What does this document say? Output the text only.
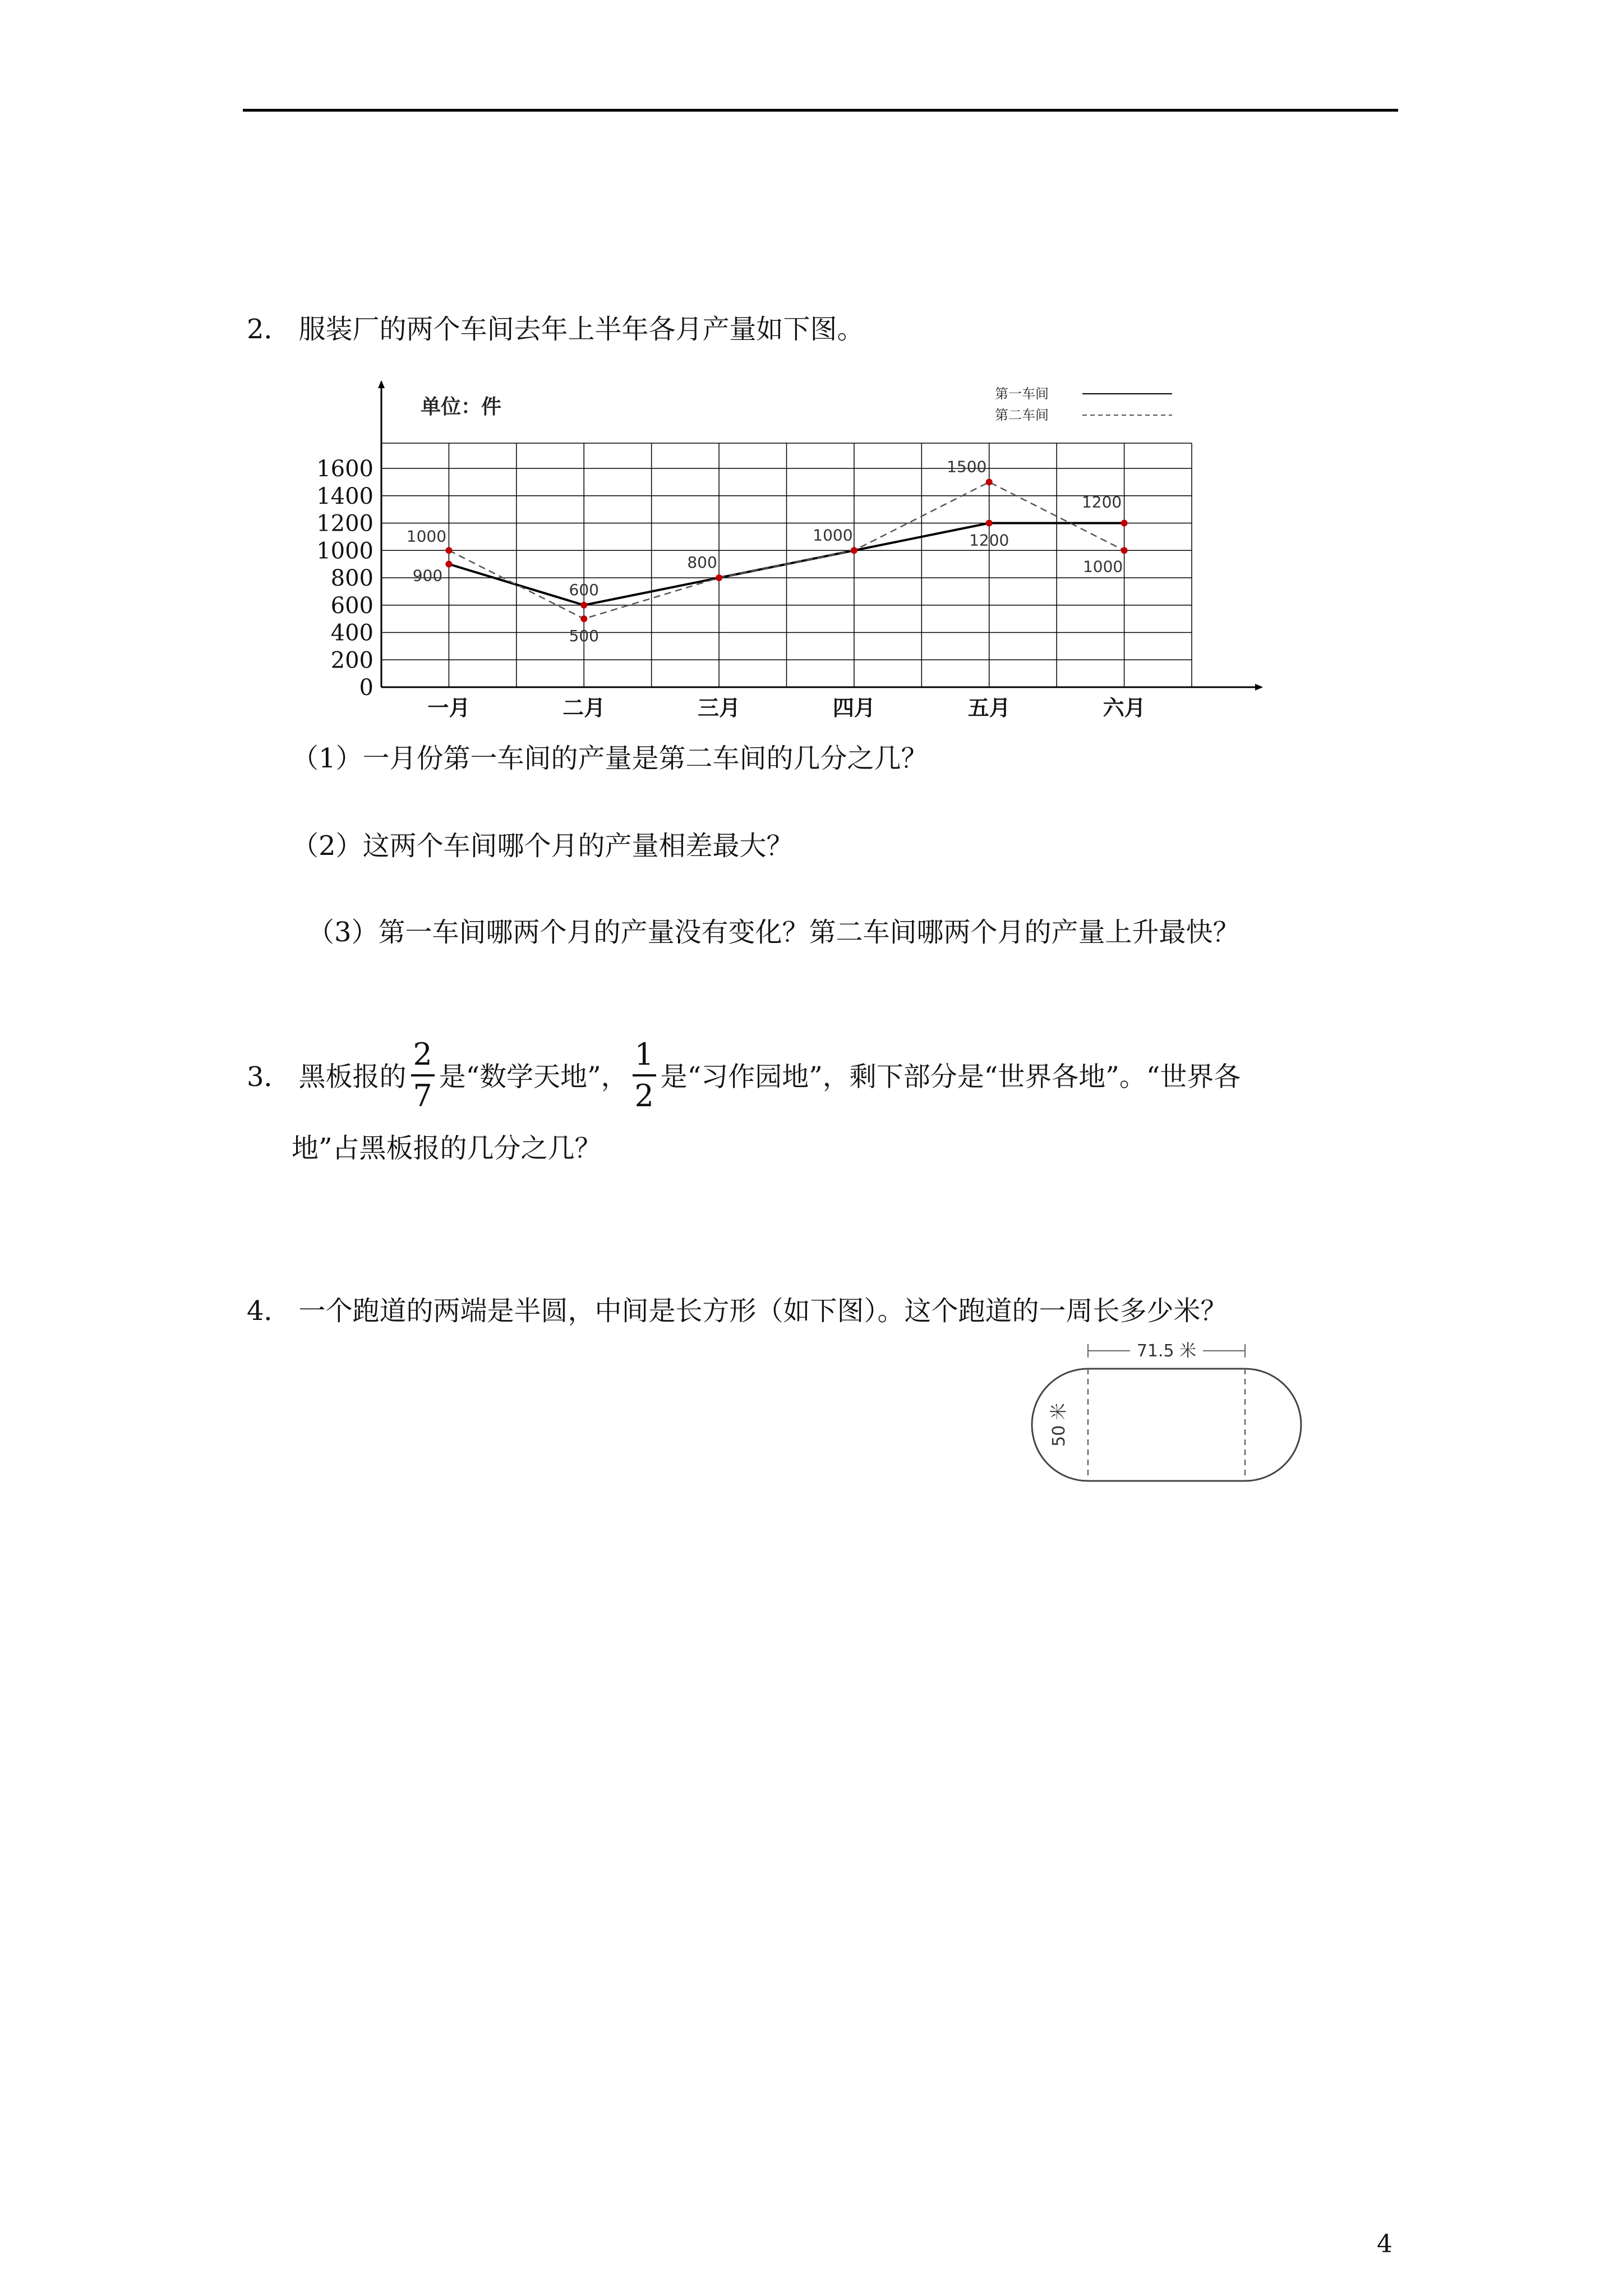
2． 服装厂的两个车间去年上半年各月产量如下图。
0
200
400
600
800
1000
1200
1400
1600
一月	二月	三月	四月	五月	六月
900
600
800
1000	1200
1200
1000
500
1500
1000
单位：件
第一车间
第二车间
（1）一月份第一车间的产量是第二车间的几分之几？
（2）这两个车间哪个月的产量相差最大？
（3）第一车间哪两个月的产量没有变化？第二车间哪两个月的产量上升最快？
3． 黑板报的 $\frac{2}{7}$ 是“数学天地”， $\frac{1}{2}$ 是“习作园地”，剩下部分是“世界各地”。“世界各
地”占黑板报的几分之几？
4． 一个跑道的两端是半圆，中间是长方形（如下图）。这个跑道的一周长多少米？
71.5 米
50 米
4
